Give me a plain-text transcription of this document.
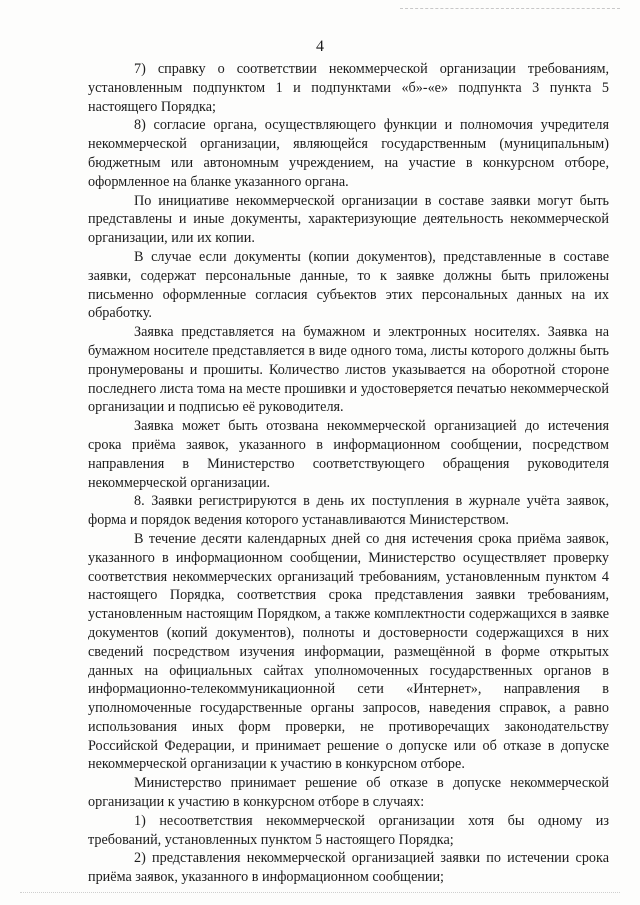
4

7) справку о соответствии некоммерческой организации требованиям, установленным подпунктом 1 и подпунктами «б»-«е» подпункта 3 пункта 5 настоящего Порядка;

8) согласие органа, осуществляющего функции и полномочия учредителя некоммерческой организации, являющейся государственным (муниципальным) бюджетным или автономным учреждением, на участие в конкурсном отборе, оформленное на бланке указанного органа.

По инициативе некоммерческой организации в составе заявки могут быть представлены и иные документы, характеризующие деятельность некоммерческой организации, или их копии.

В случае если документы (копии документов), представленные в составе заявки, содержат персональные данные, то к заявке должны быть приложены письменно оформленные согласия субъектов этих персональных данных на их обработку.

Заявка представляется на бумажном и электронных носителях. Заявка на бумажном носителе представляется в виде одного тома, листы которого должны быть пронумерованы и прошиты. Количество листов указывается на оборотной стороне последнего листа тома на месте прошивки и удостоверяется печатью некоммерческой организации и подписью её руководителя.

Заявка может быть отозвана некоммерческой организацией до истечения срока приёма заявок, указанного в информационном сообщении, посредством направления в Министерство соответствующего обращения руководителя некоммерческой организации.

8. Заявки регистрируются в день их поступления в журнале учёта заявок, форма и порядок ведения которого устанавливаются Министерством.

В течение десяти календарных дней со дня истечения срока приёма заявок, указанного в информационном сообщении, Министерство осуществляет проверку соответствия некоммерческих организаций требованиям, установленным пунктом 4 настоящего Порядка, соответствия срока представления заявки требованиям, установленным настоящим Порядком, а также комплектности содержащихся в заявке документов (копий документов), полноты и достоверности содержащихся в них сведений посредством изучения информации, размещённой в форме открытых данных на официальных сайтах уполномоченных государственных органов в информационно-телекоммуникационной сети «Интернет», направления в уполномоченные государственные органы запросов, наведения справок, а равно использования иных форм проверки, не противоречащих законодательству Российской Федерации, и принимает решение о допуске или об отказе в допуске некоммерческой организации к участию в конкурсном отборе.

Министерство принимает решение об отказе в допуске некоммерческой организации к участию в конкурсном отборе в случаях:

1) несоответствия некоммерческой организации хотя бы одному из требований, установленных пунктом 5 настоящего Порядка;

2) представления некоммерческой организацией заявки по истечении срока приёма заявок, указанного в информационном сообщении;
